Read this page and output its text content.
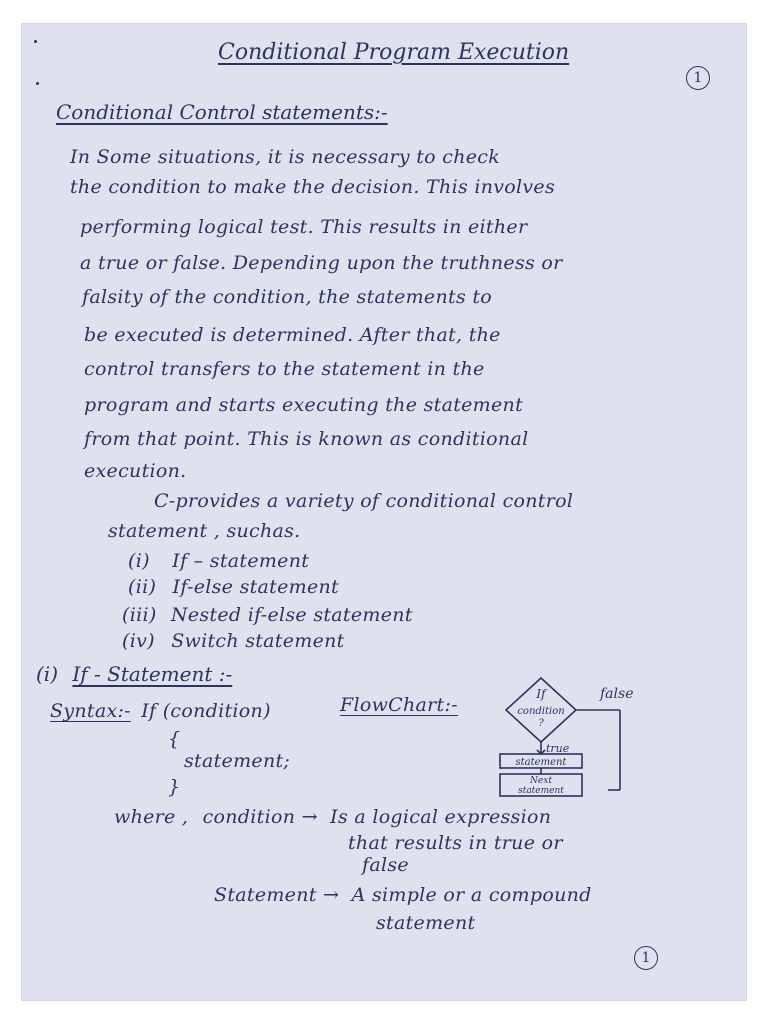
Conditional Program Execution
1
Conditional Control statements:-
In Some situations, it is necessary to check
the condition to make the decision. This involves
performing logical test. This results in either
a true or false. Depending upon the truthness or
falsity of the condition, the statements to
be executed is determined. After that, the
control transfers to the statement in the
program and starts executing the statement
from that point. This is known as conditional
execution.
C-provides a variety of conditional control
statement , suchas.
(i) If – statement
(ii) If-else statement
(iii) Nested if-else statement
(iv) Switch statement
(i) If - Statement :-
Syntax:- If (condition)
{
statement;
}
FlowChart:-	If
condition
?
false
true
statement
Next
statement
where , condition → Is a logical expression
that results in true or
false
Statement → A simple or a compound
statement
1
